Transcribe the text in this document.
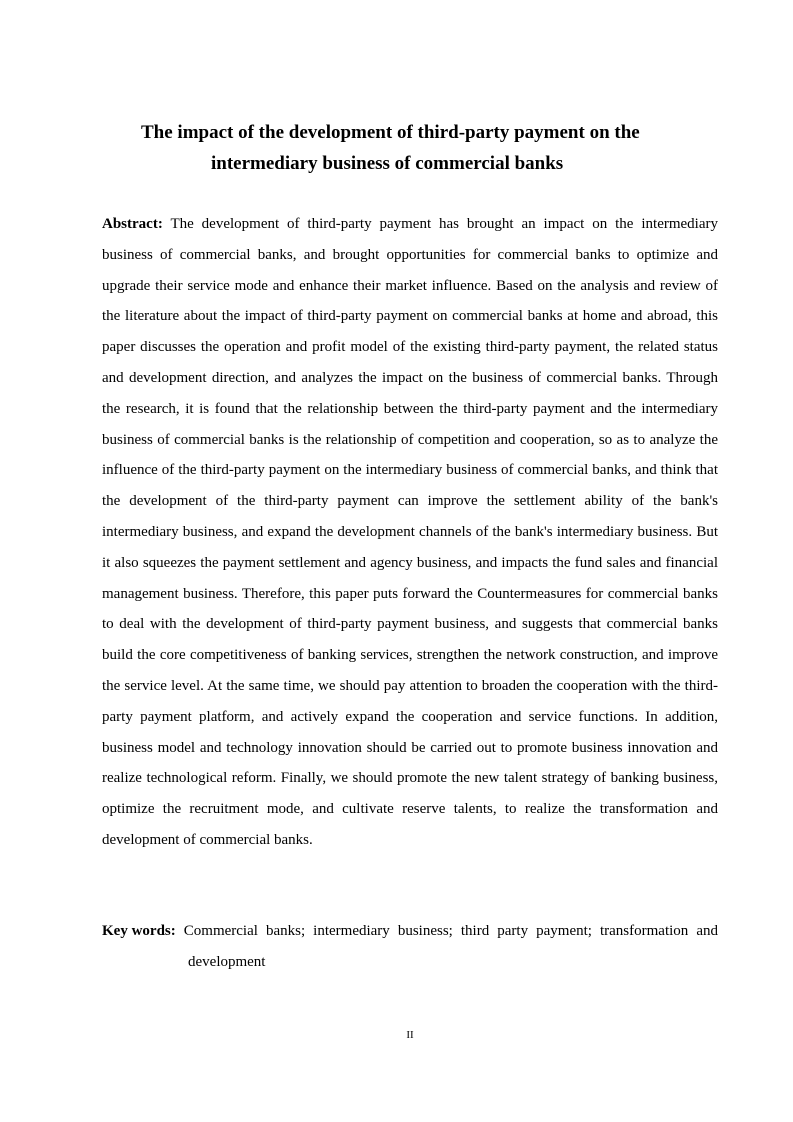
The impact of the development of third-party payment on the
intermediary business of commercial banks

Abstract: The development of third-party payment has brought an impact on the intermediary business of commercial banks, and brought opportunities for commercial banks to optimize and upgrade their service mode and enhance their market influence. Based on the analysis and review of the literature about the impact of third-party payment on commercial banks at home and abroad, this paper discusses the operation and profit model of the existing third-party payment, the related status and development direction, and analyzes the impact on the business of commercial banks. Through the research, it is found that the relationship between the third-party payment and the intermediary business of commercial banks is the relationship of competition and cooperation, so as to analyze the influence of the third-party payment on the intermediary business of commercial banks, and think that the development of the third-party payment can improve the settlement ability of the bank's intermediary business, and expand the development channels of the bank's intermediary business. But it also squeezes the payment settlement and agency business, and impacts the fund sales and financial management business. Therefore, this paper puts forward the Countermeasures for commercial banks to deal with the development of third-party payment business, and suggests that commercial banks build the core competitiveness of banking services, strengthen the network construction, and improve the service level. At the same time, we should pay attention to broaden the cooperation with the third-party payment platform, and actively expand the cooperation and service functions. In addition, business model and technology innovation should be carried out to promote business innovation and realize technological reform. Finally, we should promote the new talent strategy of banking business, optimize the recruitment mode, and cultivate reserve talents, to realize the transformation and development of commercial banks.

Key words: Commercial banks; intermediary business; third party payment; transformation and
development
II
